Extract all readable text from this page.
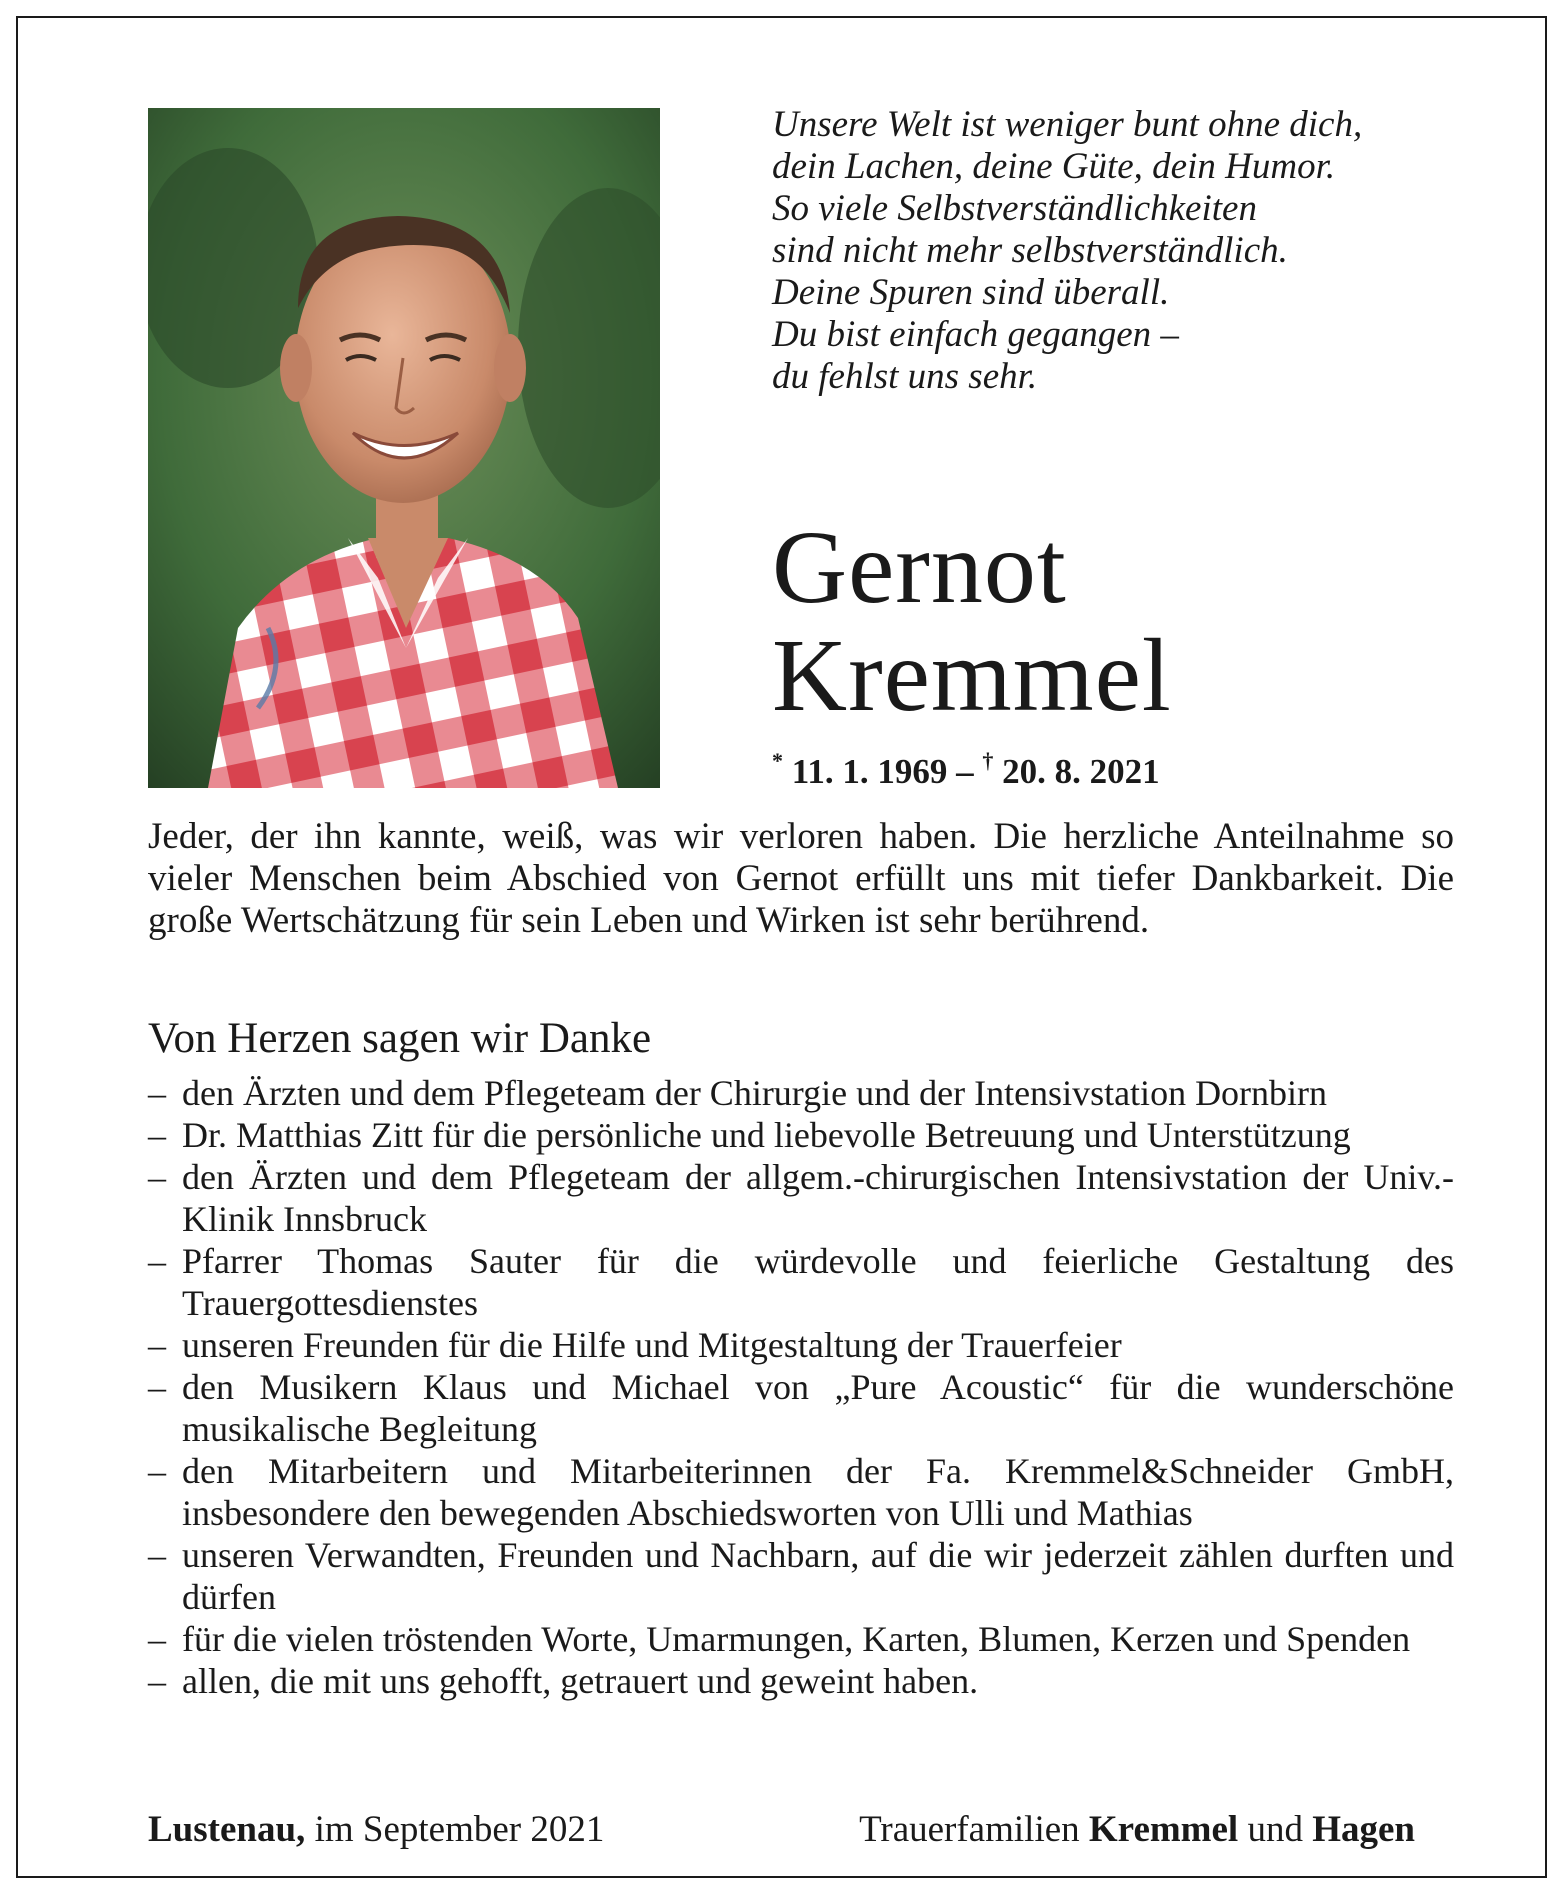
Unsere Welt ist weniger bunt ohne dich,
dein Lachen, deine Güte, dein Humor.
So viele Selbstverständlichkeiten
sind nicht mehr selbstverständlich.
Deine Spuren sind überall.
Du bist einfach gegangen –
du fehlst uns sehr.
Gernot
Kremmel
* 11. 1. 1969 – † 20. 8. 2021
Jeder, der ihn kannte, weiß, was wir verloren haben. Die herzliche Anteilnahme so vieler Menschen beim Abschied von Gernot erfüllt uns mit tiefer Dankbarkeit. Die große Wertschätzung für sein Leben und Wirken ist sehr berührend.
Von Herzen sagen wir Danke
– den Ärzten und dem Pflegeteam der Chirurgie und der Intensivstation Dornbirn
– Dr. Matthias Zitt für die persönliche und liebevolle Betreuung und Unterstützung
– den Ärzten und dem Pflegeteam der allgem.-chirurgischen Intensivstation der Univ.-Klinik Innsbruck
– Pfarrer Thomas Sauter für die würdevolle und feierliche Gestaltung des Trauergottesdienstes
– unseren Freunden für die Hilfe und Mitgestaltung der Trauerfeier
– den Musikern Klaus und Michael von „Pure Acoustic“ für die wunderschöne musikalische Begleitung
– den Mitarbeitern und Mitarbeiterinnen der Fa. Kremmel&Schneider GmbH, insbesondere den bewegenden Abschiedsworten von Ulli und Mathias
– unseren Verwandten, Freunden und Nachbarn, auf die wir jederzeit zählen durften und dürfen
– für die vielen tröstenden Worte, Umarmungen, Karten, Blumen, Kerzen und Spenden
– allen, die mit uns gehofft, getrauert und geweint haben.
Lustenau, im September 2021	Trauerfamilien Kremmel und Hagen
